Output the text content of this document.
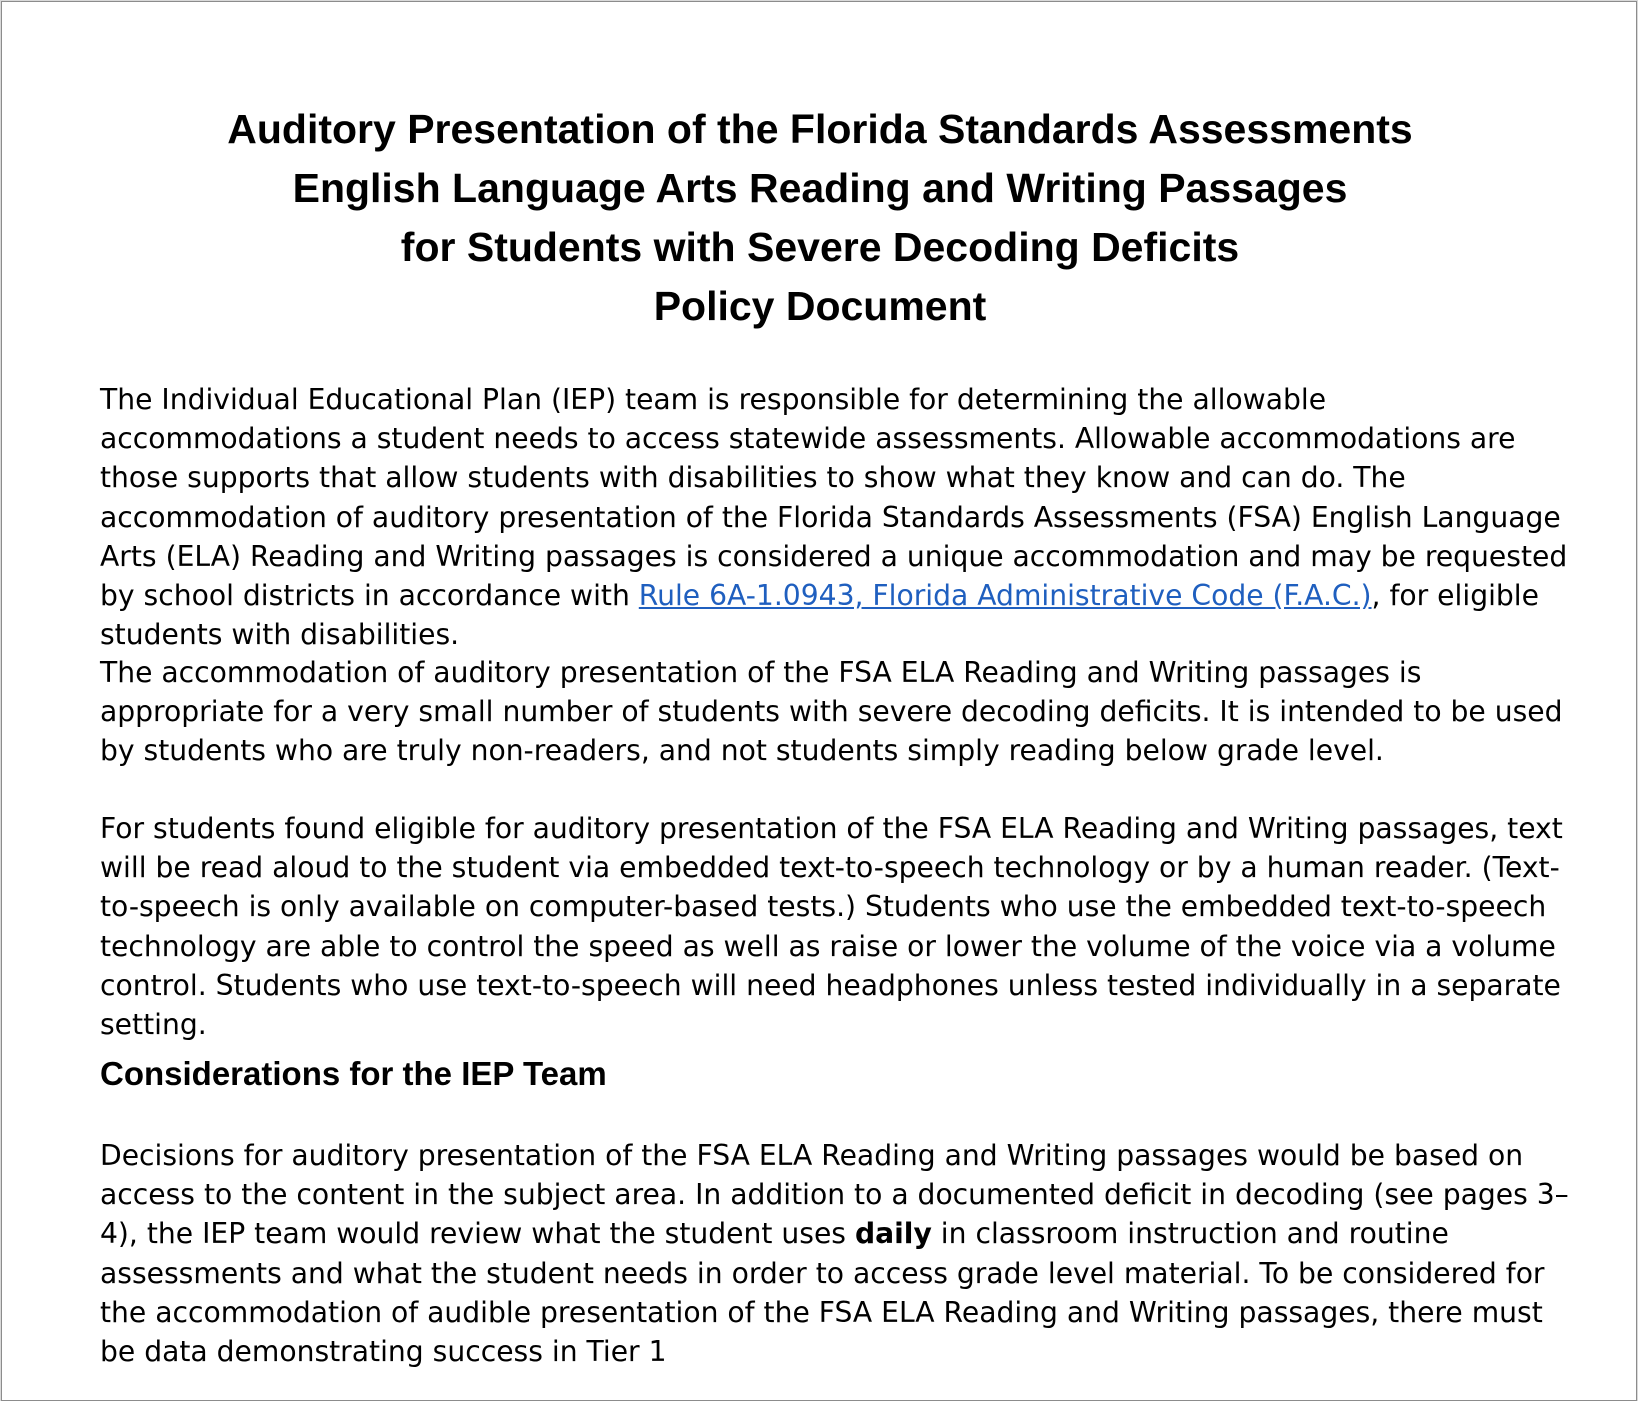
Auditory Presentation of the Florida Standards Assessments
English Language Arts Reading and Writing Passages
for Students with Severe Decoding Deficits
Policy Document

The Individual Educational Plan (IEP) team is responsible for determining the allowable accommodations a student needs to access statewide assessments. Allowable accommodations are those supports that allow students with disabilities to show what they know and can do. The accommodation of auditory presentation of the Florida Standards Assessments (FSA) English Language Arts (ELA) Reading and Writing passages is considered a unique accommodation and may be requested by school districts in accordance with Rule 6A-1.0943, Florida Administrative Code (F.A.C.), for eligible students with disabilities.

The accommodation of auditory presentation of the FSA ELA Reading and Writing passages is appropriate for a very small number of students with severe decoding deficits. It is intended to be used by students who are truly non-readers, and not students simply reading below grade level.

For students found eligible for auditory presentation of the FSA ELA Reading and Writing passages, text will be read aloud to the student via embedded text-to-speech technology or by a human reader. (Text-to-speech is only available on computer-based tests.) Students who use the embedded text-to-speech technology are able to control the speed as well as raise or lower the volume of the voice via a volume control. Students who use text-to-speech will need headphones unless tested individually in a separate setting.

Considerations for the IEP Team

Decisions for auditory presentation of the FSA ELA Reading and Writing passages would be based on access to the content in the subject area. In addition to a documented deficit in decoding (see pages 3–4), the IEP team would review what the student uses daily in classroom instruction and routine assessments and what the student needs in order to access grade level material. To be considered for the accommodation of audible presentation of the FSA ELA Reading and Writing passages, there must be data demonstrating success in Tier 1
